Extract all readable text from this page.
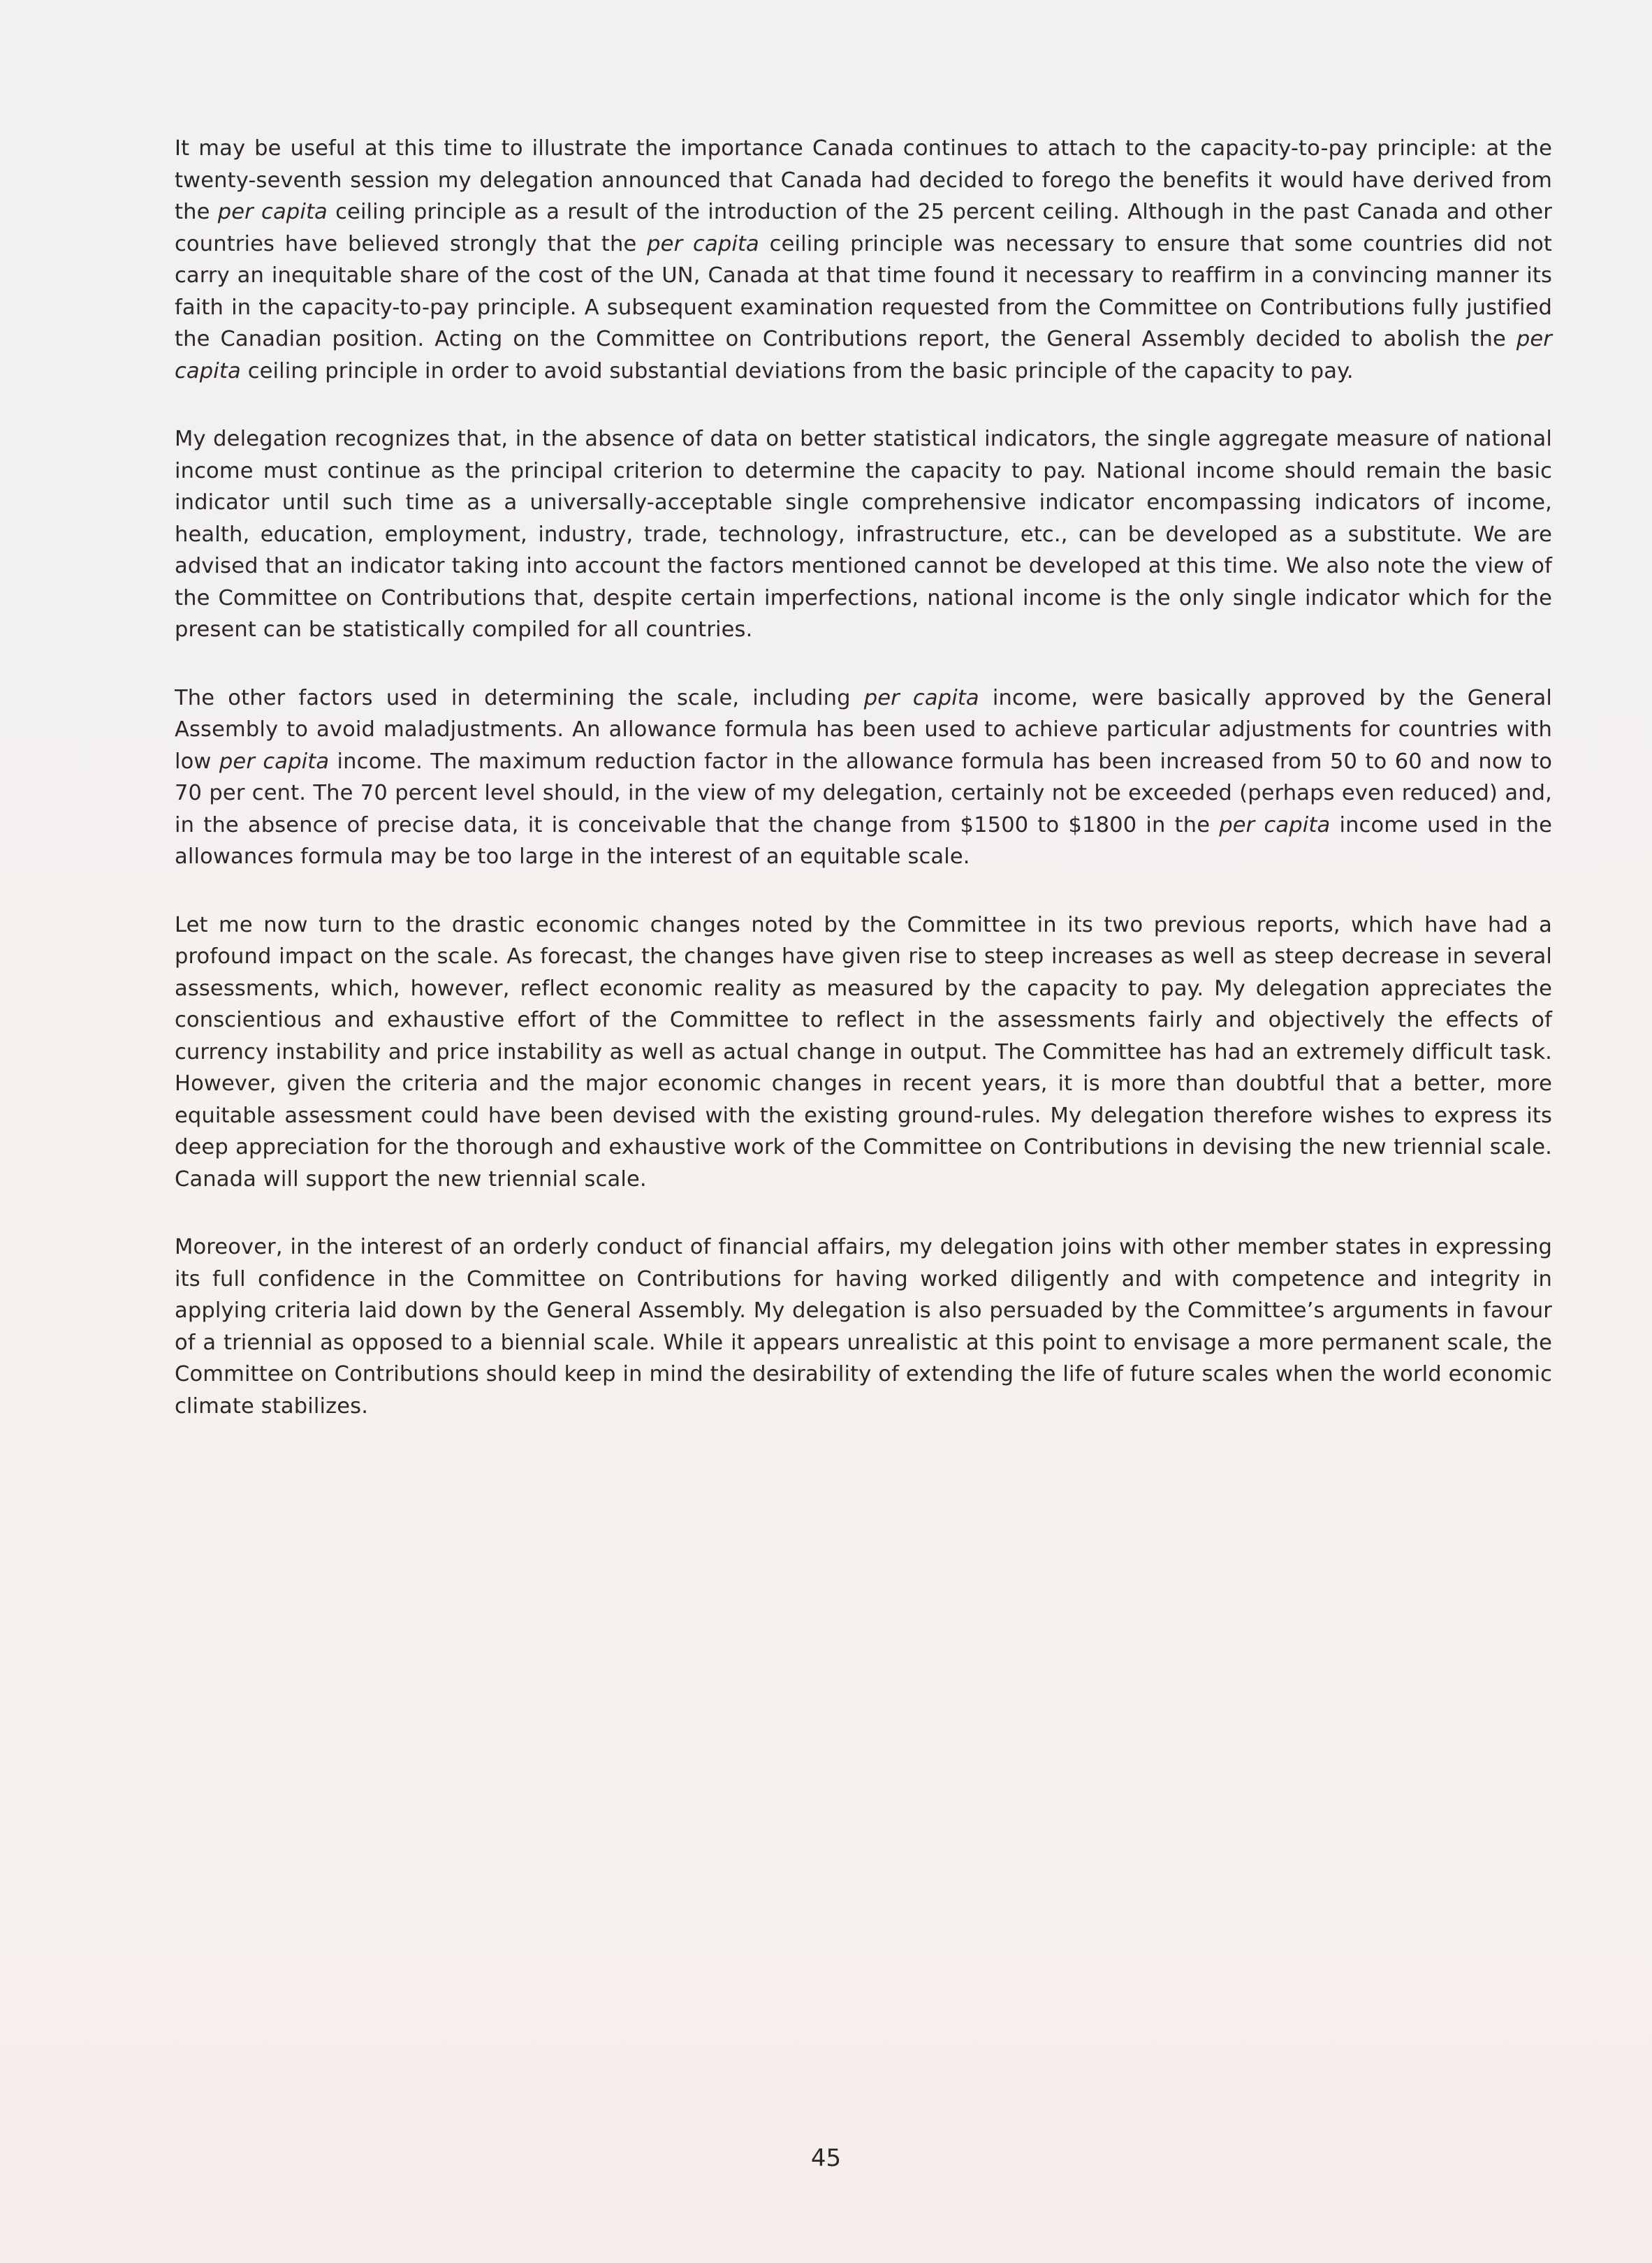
It may be useful at this time to illustrate the importance Canada continues to attach to the capacity-to-pay principle: at the twenty-seventh session my delegation announced that Canada had decided to forego the benefits it would have derived from the per capita ceiling principle as a result of the introduction of the 25 percent ceiling. Although in the past Canada and other countries have believed strongly that the per capita ceiling principle was necessary to ensure that some countries did not carry an inequitable share of the cost of the UN, Canada at that time found it necessary to reaffirm in a convincing manner its faith in the capacity-to-pay principle. A subsequent examination requested from the Committee on Contributions fully justified the Canadian position. Acting on the Committee on Contributions report, the General Assembly decided to abolish the per capita ceiling principle in order to avoid substantial deviations from the basic principle of the capacity to pay.

My delegation recognizes that, in the absence of data on better statistical indicators, the single aggregate measure of national income must continue as the principal criterion to determine the capacity to pay. National income should remain the basic indicator until such time as a universally-acceptable single comprehensive indicator encompassing indicators of income, health, education, employment, industry, trade, technology, infrastructure, etc., can be developed as a substitute. We are advised that an indicator taking into account the factors mentioned cannot be developed at this time. We also note the view of the Committee on Contributions that, despite certain imperfections, national income is the only single indicator which for the present can be statistically compiled for all countries.

The other factors used in determining the scale, including per capita income, were basically approved by the General Assembly to avoid maladjustments. An allowance formula has been used to achieve particular adjustments for countries with low per capita income. The maximum reduction factor in the allowance formula has been increased from 50 to 60 and now to 70 per cent. The 70 percent level should, in the view of my delegation, certainly not be exceeded (perhaps even reduced) and, in the absence of precise data, it is conceivable that the change from $1500 to $1800 in the per capita income used in the allowances formula may be too large in the interest of an equitable scale.

Let me now turn to the drastic economic changes noted by the Committee in its two previous reports, which have had a profound impact on the scale. As forecast, the changes have given rise to steep increases as well as steep decrease in several assessments, which, however, reflect economic reality as measured by the capacity to pay. My delegation appreciates the conscientious and exhaustive effort of the Committee to reflect in the assessments fairly and objectively the effects of currency instability and price instability as well as actual change in output. The Committee has had an extremely difficult task. However, given the criteria and the major economic changes in recent years, it is more than doubtful that a better, more equitable assessment could have been devised with the existing ground-rules. My delegation therefore wishes to express its deep appreciation for the thorough and exhaustive work of the Committee on Contributions in devising the new triennial scale. Canada will support the new triennial scale.

Moreover, in the interest of an orderly conduct of financial affairs, my delegation joins with other member states in expressing its full confidence in the Committee on Contributions for having worked diligently and with competence and integrity in applying criteria laid down by the General Assembly. My delegation is also persuaded by the Committee’s arguments in favour of a triennial as opposed to a biennial scale. While it appears unrealistic at this point to envisage a more permanent scale, the Committee on Contributions should keep in mind the desirability of extending the life of future scales when the world economic climate stabilizes.

45
